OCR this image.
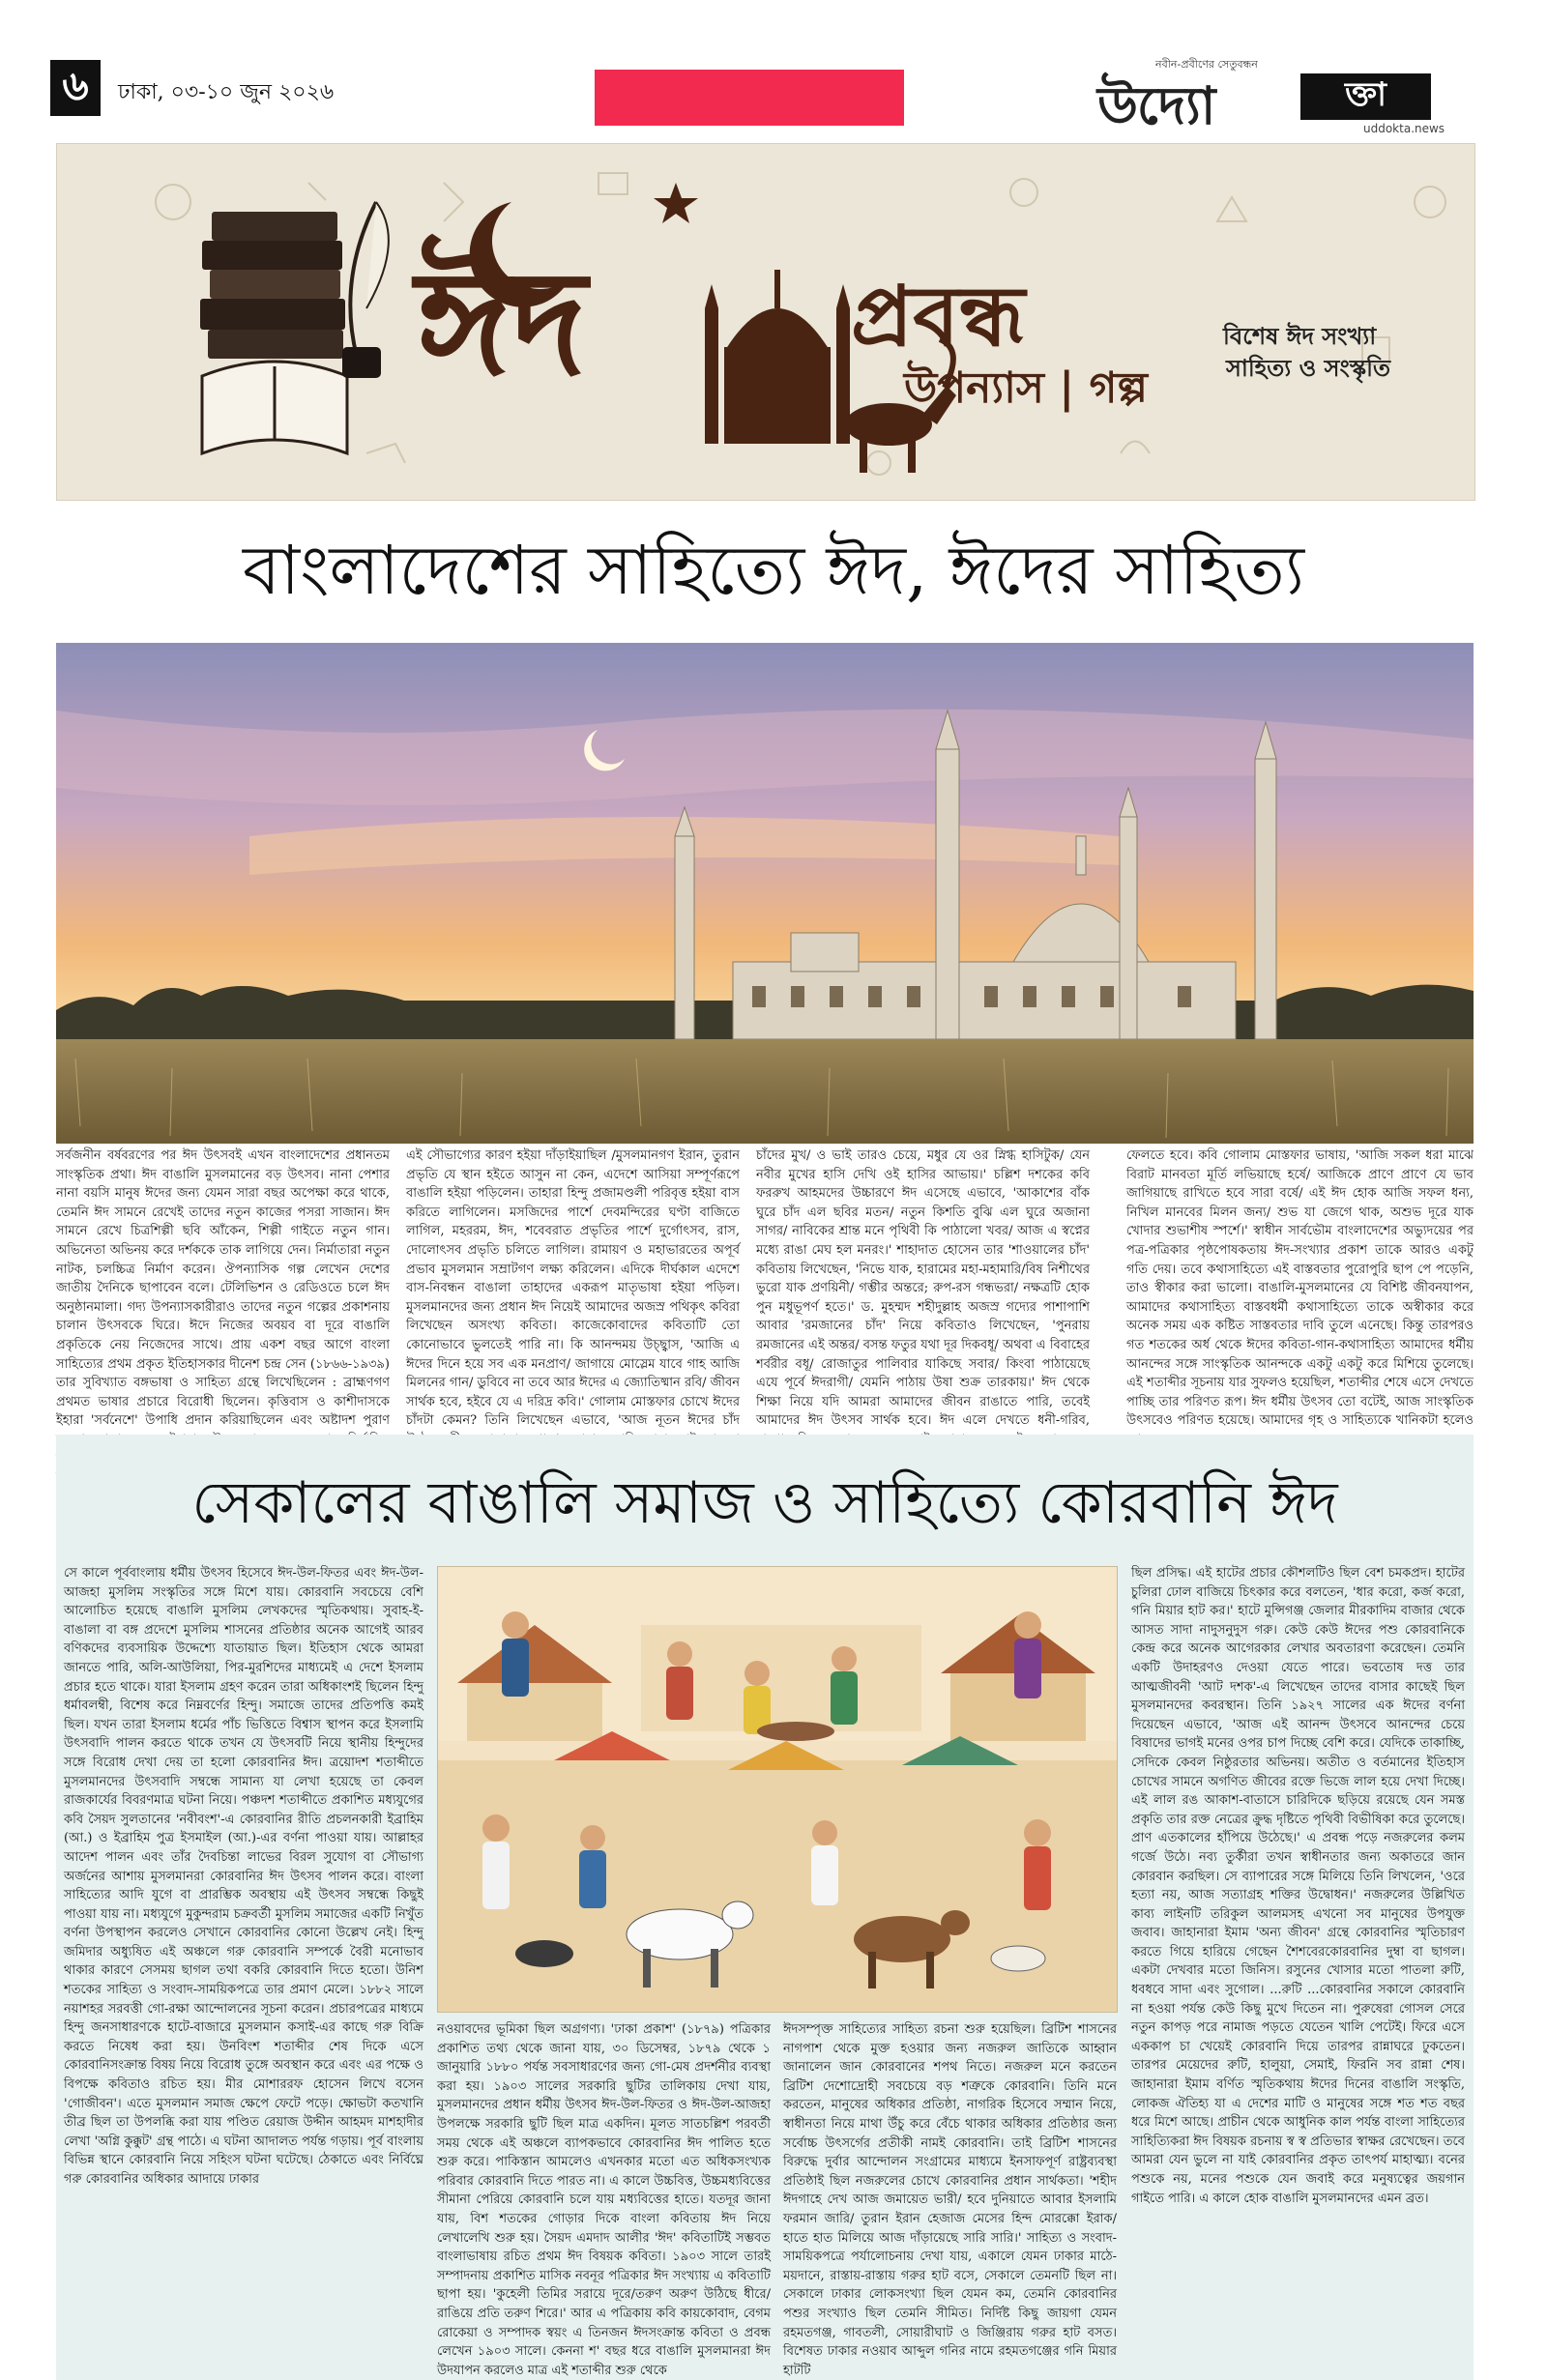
৬	ঢাকা, ০৩-১০ জুন ২০২৬
নবীন-প্রবীণের সেতুবন্ধন
উদ্যো	ক্তা
uddokta.news
ঈদ	প্রবন্ধ
উপন্যাস | গল্প
বিশেষ ঈদ সংখ্যা
সাহিত্য ও সংস্কৃতি
বাংলাদেশের সাহিত্যে ঈদ, ঈদের সাহিত্য
সর্বজনীন বর্ষবরণের পর ঈদ উৎসবই এখন বাংলাদেশের প্রধানতম সাংস্কৃতিক প্রথা। ঈদ বাঙালি মুসলমানের বড় উৎসব। নানা পেশার নানা বয়সি মানুষ ঈদের জন্য যেমন সারা বছর অপেক্ষা করে থাকে, তেমনি ঈদ সামনে রেখেই তাদের নতুন কাজের পসরা সাজান। ঈদ সামনে রেখে চিত্রশিল্পী ছবি আঁকেন, শিল্পী গাইতে নতুন গান। অভিনেতা অভিনয় করে দর্শককে তাক লাগিয়ে দেন। নির্মাতারা নতুন নাটক, চলচ্চিত্র নির্মাণ করেন। ঔপন্যাসিক গল্প লেখেন দেশের জাতীয় দৈনিকে ছাপাবেন বলে। টেলিভিশন ও রেডিওতে চলে ঈদ অনুষ্ঠানমালা। গদ্য উপন্যাসকারীরাও তাদের নতুন গল্পের প্রকাশনায় চালান উৎসবকে ঘিরে। ঈদে নিজের অবয়ব বা দূরে বাঙালি প্রকৃতিকে নেয় নিজেদের সাথে। প্রায় একশ বছর আগে বাংলা সাহিত্যের প্রথম প্রকৃত ইতিহাসকার দীনেশ চন্দ্র সেন (১৮৬৬-১৯৩৯) তার সুবিখ্যাত বঙ্গভাষা ও সাহিত্য গ্রন্থে লিখেছিলেন : ব্রাহ্মণগণ প্রথমত ভাষার প্রচারে বিরোধী ছিলেন। কৃত্তিবাস ও কাশীদাসকে ইহারা 'সর্বনেশে' উপাধি প্রদান করিয়াছিলেন এবং অষ্টাদশ পুরাণ
এই সৌভাগ্যের কারণ হইয়া দাঁড়াইয়াছিল /মুসলমানগণ ইরান, তুরান প্রভৃতি যে স্থান হইতে আসুন না কেন, এদেশে আসিয়া সম্পূর্ণরূপে বাঙালি হইয়া পড়িলেন। তাহারা হিন্দু প্রজামণ্ডলী পরিবৃত্ত হইয়া বাস করিতে লাগিলেন। মসজিদের পার্শে দেবমন্দিরের ঘণ্টা বাজিতে লাগিল, মহররম, ঈদ, শবেবরাত প্রভৃতির পার্শে দুর্গোৎসব, রাস, দোলোৎসব প্রভৃতি চলিতে লাগিল। রামায়ণ ও মহাভারতের অপূর্ব প্রভাব মুসলমান সম্রাটগণ লক্ষ্য করিলেন। এদিকে দীর্ঘকাল এদেশে বাস-নিবন্ধন বাঙালা তাহাদের একরূপ মাতৃভাষা হইয়া পড়িল। মুসলমানদের জন্য প্রধান ঈদ নিয়েই আমাদের অজস্র পথিকৃৎ কবিরা লিখেছেন অসংখ্য কবিতা। কাজেকোবাদের কবিতাটি তো কোনোভাবে ভুলতেই পারি না। কি আনন্দময় উচ্ছ্বাস, 'আজি এ ঈদের দিনে হয়ে সব এক মনপ্রাণ/ জাগায়ে মোস্লেম যাবে গাহ আজি মিলনের গান/ ডুবিবে না তবে আর ঈদের এ জ্যোতিষ্মান রবি/ জীবন সার্থক হবে, হইবে যে এ দরিদ্র কবি।' গোলাম মোস্তফার চোখে ঈদের চাঁদটা কেমন? তিনি লিখেছেন এভাবে, 'আজ নূতন ঈদের চাঁদ
চাঁদের মুখ/ ও ভাই তারও চেয়ে, মধুর যে ওর স্নিগ্ধ হাসিটুক/ যেন নবীর মুখের হাসি দেখি ওই হাসির আভায়।' চল্লিশ দশকের কবি ফররুখ আহমদের উচ্চারণে ঈদ এসেছে এভাবে, 'আকাশের বাঁক ঘুরে চাঁদ এল ছবির মতন/ নতুন কিশতি বুঝি এল ঘুরে অজানা সাগর/ নাবিকের শ্রান্ত মনে পৃথিবী কি পাঠালো খবর/ আজ এ স্বপ্নের মধ্যে রাঙা মেঘ হল মনরং।' শাহাদাত হোসেন তার 'শাওয়ালের চাঁদ' কবিতায় লিখেছেন, 'নিভে যাক, হারামের মহা-মহামারি/বিষ নিশীথের ভুরো যাক প্রণয়িনী/ গম্ভীর অন্তরে; রুপ-রস গন্ধভরা/ নক্ষত্রটি হোক পুন মধুভূপর্ণ হতে।' ড. মুহম্মদ শহীদুল্লাহ অজস্র গদ্যের পাশাপাশি আবার 'রমজানের চাঁদ' নিয়ে কবিতাও লিখেছেন, 'পুনরায় রমজানের এই অন্তর/ বসন্ত ফতুর যথা দূর দিকবধূ/ অথবা এ বিবাহের শর্বরীর বধূ/ রোজাতুর পালিবার যাকিছে সবার/ কিংবা পাঠায়েছে এযে পূর্বে ঈদরাগী/ যেমনি পাঠায় উষা শুক্র তারকায়।' ঈদ থেকে শিক্ষা নিয়ে যদি আমরা আমাদের জীবন রাঙাতে পারি, তবেই আমাদের ঈদ উৎসব সার্থক হবে। ঈদ এলে দেখতে ধনী-গরিব,
ফেলতে হবে। কবি গোলাম মোস্তফার ভাষায়, 'আজি সকল ধরা মাঝে বিরাট মানবতা মূর্তি লভিয়াছে হর্ষে/ আজিকে প্রাণে প্রাণে যে ভাব জাগিয়াছে রাখিতে হবে সারা বর্ষে/ এই ঈদ হোক আজি সফল ধন্য, নিখিল মানবের মিলন জন্য/ শুভ যা জেগে থাক, অশুভ দূরে যাক খোদার শুভাশীষ স্পর্শে।' স্বাধীন সার্বভৌম বাংলাদেশের অভ্যুদয়ের পর পত্র-পত্রিকার পৃষ্ঠপোষকতায় ঈদ-সংখ্যার প্রকাশ তাকে আরও একটু গতি দেয়। তবে কথাসাহিত্যে এই বাস্তবতার পুরোপুরি ছাপ পে পড়েনি, তাও স্বীকার করা ভালো। বাঙালি-মুসলমানের যে বিশিষ্ট জীবনযাপন, আমাদের কথাসাহিত্য বাস্তবধর্মী কথাসাহিত্যে তাকে অস্বীকার করে অনেক সময় এক কষ্টিত সাস্তবতার দাবি তুলে এনেছে। কিন্তু তারপরও গত শতকের অর্ধ থেকে ঈদের কবিতা-গান-কথাসাহিত্য আমাদের ধর্মীয় আনন্দের সঙ্গে সাংস্কৃতিক আনন্দকে একটু একটু করে মিশিয়ে তুলেছে। এই শতাব্দীর সূচনায় যার সুফলও হয়েছিল, শতাব্দীর শেষে এসে দেখতে পাচ্ছি তার পরিণত রূপ। ঈদ ধর্মীয় উৎসব তো বটেই, আজ সাংস্কৃতিক উৎসবেও পরিণত হয়েছে। আমাদের গৃহ ও সাহিত্যকে খানিকটা হলেও
সেকালের বাঙালি সমাজ ও সাহিত্যে কোরবানি ঈদ
সে কালে পূর্ববাংলায় ধর্মীয় উৎসব হিসেবে ঈদ-উল-ফিতর এবং ঈদ-উল-আজহা মুসলিম সংস্কৃতির সঙ্গে মিশে যায়। কোরবানি সবচেয়ে বেশি আলোচিত হয়েছে বাঙালি মুসলিম লেখকদের স্মৃতিকথায়। সুবাহ-ই-বাঙালা বা বঙ্গ প্রদেশে মুসলিম শাসনের প্রতিষ্ঠার অনেক আগেই আরব বণিকদের ব্যবসায়িক উদ্দেশ্যে যাতায়াত ছিল। ইতিহাস থেকে আমরা জানতে পারি, অলি-আউলিয়া, পির-মুরশিদের মাধ্যমেই এ দেশে ইসলাম প্রচার হতে থাকে। যারা ইসলাম গ্রহণ করেন তারা অধিকাংশই ছিলেন হিন্দু ধর্মাবলম্বী, বিশেষ করে নিম্নবর্ণের হিন্দু। সমাজে তাদের প্রতিপত্তি কমই ছিল। যখন তারা ইসলাম ধর্মের পাঁচ ভিত্তিতে বিশ্বাস স্থাপন করে ইসলামি উৎসবাদি পালন করতে থাকে তখন যে উৎসবটি নিয়ে স্থানীয় হিন্দুদের সঙ্গে বিরোধ দেখা দেয় তা হলো কোরবানির ঈদ। ত্রয়োদশ শতাব্দীতে মুসলমানদের উৎসবাদি সম্বন্ধে সামান্য যা লেখা হয়েছে তা কেবল রাজকার্যের বিবরণমাত্র ঘটনা নিয়ে। পঞ্চদশ শতাব্দীতে প্রকাশিত মধ্যযুগের কবি সৈয়দ সুলতানের 'নবীবংশ'-এ কোরবানির রীতি প্রচলনকারী ইব্রাহিম (আ.) ও ইব্রাহিম পুত্র ইসমাইল (আ.)-এর বর্ণনা পাওয়া যায়। আল্লাহর আদেশ পালন এবং তাঁর দৈবচিন্তা লাভের বিরল সুযোগ বা সৌভাগ্য অর্জনের আশায় মুসলমানরা কোরবানির ঈদ উৎসব পালন করে। বাংলা সাহিত্যের আদি যুগে বা প্রারম্ভিক অবস্থায় এই উৎসব সম্বন্ধে কিছুই পাওয়া যায় না। মধ্যযুগে মুকুন্দরাম চক্রবর্তী মুসলিম সমাজের একটি নিখুঁত বর্ণনা উপস্থাপন করলেও সেখানে কোরবানির কোনো উল্লেখ নেই। হিন্দু জমিদার অধ্যুষিত এই অঞ্চলে গরু কোরবানি সম্পর্কে বৈরী মনোভাব থাকার কারণে সেসময় ছাগল তথা বকরি কোরবানি দিতে হতো। উনিশ শতকের সাহিত্য ও সংবাদ-সাময়িকপত্রে তার প্রমাণ মেলে। ১৮৮২ সালে নয়াশহর সরবত্তী গো-রক্ষা আন্দোলনের সূচনা করেন। প্রচারপত্রের মাধ্যমে হিন্দু জনসাধারণকে হাটে-বাজারে মুসলমান কসাই-এর কাছে গরু বিক্রি করতে নিষেধ করা হয়। উনবিংশ শতাব্দীর শেষ দিকে এসে কোরবানিসংক্রান্ত বিষয় নিয়ে বিরোধ তুঙ্গে অবস্থান করে এবং এর পক্ষে ও বিপক্ষে কবিতাও রচিত হয়। মীর মোশাররফ হোসেন লিখে বসেন 'গোজীবন'। এতে মুসলমান সমাজ ক্ষেপে ফেটে পড়ে। ক্ষোভটা কতখানি তীব্র ছিল তা উপলব্ধি করা যায় পণ্ডিত রেয়াজ উদ্দীন আহমদ মাশহাদীর লেখা 'অগ্নি কুক্কুট' গ্রন্থ পাঠে। এ ঘটনা আদালত পর্যন্ত গড়ায়। পূর্ব বাংলায় বিভিন্ন স্থানে কোরবানি নিয়ে সহিংস ঘটনা ঘটেছে। ঠেকাতে এবং নির্বিঘ্নে গরু কোরবানির অধিকার আদায়ে ঢাকার
নওয়াবদের ভূমিকা ছিল অগ্রগণ্য। 'ঢাকা প্রকাশ' (১৮৭৯) পত্রিকার প্রকাশিত তথ্য থেকে জানা যায়, ৩০ ডিসেম্বর, ১৮৭৯ থেকে ১ জানুয়ারি ১৮৮০ পর্যন্ত সবসাধারণের জন্য গো-মেষ প্রদর্শনীর ব্যবস্থা করা হয়। ১৯০৩ সালের সরকারি ছুটির তালিকায় দেখা যায়, মুসলমানদের প্রধান ধর্মীয় উৎসব ঈদ-উল-ফিতর ও ঈদ-উল-আজহা উপলক্ষে সরকারি ছুটি ছিল মাত্র একদিন। মূলত সাতচল্লিশ পরবর্তী সময় থেকে এই অঞ্চলে ব্যাপকভাবে কোরবানির ঈদ পালিত হতে শুরু করে। পাকিস্তান আমলেও এখনকার মতো এত অধিকসংখ্যক পরিবার কোরবানি দিতে পারত না। এ কালে উচ্চবিত্ত, উচ্চমধ্যবিত্তের সীমানা পেরিয়ে কোরবানি চলে যায় মধ্যবিত্তের হাতে। যতদূর জানা যায়, বিশ শতকের গোড়ার দিকে বাংলা কবিতায় ঈদ নিয়ে লেখালেখি শুরু হয়। সৈয়দ এমদাদ আলীর 'ঈদ' কবিতাটিই সম্ভবত বাংলাভাষায় রচিত প্রথম ঈদ বিষয়ক কবিতা। ১৯০৩ সালে তারই সম্পাদনায় প্রকাশিত মাসিক নবনূর পত্রিকার ঈদ সংখ্যায় এ কবিতাটি ছাপা হয়। 'কুহেলী তিমির সরায়ে দূরে/তরুণ অরুণ উঠিছে ধীরে/রাঙিয়ে প্রতি তরুণ শিরে।' আর এ পত্রিকায় কবি কায়কোবাদ, বেগম রোকেয়া ও সম্পাদক স্বয়ং এ তিনজন ঈদসংক্রান্ত কবিতা ও প্রবন্ধ লেখেন ১৯০৩ সালে। কেননা শ' বছর ধরে বাঙালি মুসলমানরা ঈদ উদযাপন করলেও মাত্র এই শতাব্দীর শুরু থেকে
ঈদসম্পৃক্ত সাহিত্যের সাহিত্য রচনা শুরু হয়েছিল। ব্রিটিশ শাসনের নাগপাশ থেকে মুক্ত হওয়ার জন্য নজরুল জাতিকে আহ্বান জানালেন জান কোরবানের শপথ নিতে। নজরুল মনে করতেন ব্রিটিশ দেশোদ্রোহী সবচেয়ে বড় শত্রুকে কোরবানি। তিনি মনে করতেন, মানুষের অধিকার প্রতিষ্ঠা, নাগরিক হিসেবে সম্মান নিয়ে, স্বাধীনতা নিয়ে মাথা উঁচু করে বেঁচে থাকার অধিকার প্রতিষ্ঠার জন্য সর্বোচ্চ উৎসর্গের প্রতীকী নামই কোরবানি। তাই ব্রিটিশ শাসনের বিরুদ্ধে দুর্বার আন্দোলন সংগ্রামের মাধ্যমে ইনসাফপূর্ণ রাষ্ট্রব্যবস্থা প্রতিষ্ঠাই ছিল নজরুলের চোখে কোরবানির প্রধান সার্থকতা। 'শহীদ ঈদগাহে দেখ আজ জমায়েত ভারী/ হবে দুনিয়াতে আবার ইসলামি ফরমান জারি/ তুরান ইরান হেজাজ মেসের হিন্দ মোরক্কো ইরাক/ হাতে হাত মিলিয়ে আজ দাঁড়ায়েছে সারি সারি।' সাহিত্য ও সংবাদ-সাময়িকপত্রে পর্যালোচনায় দেখা যায়, একালে যেমন ঢাকার মাঠে-ময়দানে, রাস্তায়-রাস্তায় গরুর হাট বসে, সেকালে তেমনটি ছিল না। সেকালে ঢাকার লোকসংখ্যা ছিল যেমন কম, তেমনি কোরবানির পশুর সংখ্যাও ছিল তেমনি সীমিত। নির্দিষ্ট কিছু জায়গা যেমন রহমতগঞ্জ, গাবতলী, সোয়ারীঘাট ও জিঞ্জিরায় গরুর হাট বসত। বিশেষত ঢাকার নওয়াব আব্দুল গনির নামে রহমতগঞ্জের গনি মিয়ার হাটটি
ছিল প্রসিদ্ধ। এই হাটের প্রচার কৌশলটিও ছিল বেশ চমকপ্রদ। হাটের চুলিরা ঢোল বাজিয়ে চিৎকার করে বলতেন, 'ধার করো, কর্জ করো, গনি মিয়ার হাট কর।' হাটে মুন্সিগঞ্জ জেলার মীরকাদিম বাজার থেকে আসত সাদা নাদুসনুদুস গরু। কেউ কেউ ঈদের পশু কোরবানিকে কেন্দ্র করে অনেক আগেরকার লেখার অবতারণা করেছেন। তেমনি একটি উদাহরণও দেওয়া যেতে পারে। ভবতোষ দত্ত তার আত্মজীবনী 'আট দশক'-এ লিখেছেন তাদের বাসার কাছেই ছিল মুসলমানদের কবরস্থান। তিনি ১৯২৭ সালের এক ঈদের বর্ণনা দিয়েছেন এভাবে, 'আজ এই আনন্দ উৎসবে আনন্দের চেয়ে বিষাদের ভাগই মনের ওপর চাপ দিচ্ছে বেশি করে। যেদিকে তাকাচ্ছি, সেদিকে কেবল নিষ্ঠুরতার অভিনয়। অতীত ও বর্তমানের ইতিহাস চোখের সামনে অগণিত জীবের রক্তে ভিজে লাল হয়ে দেখা দিচ্ছে। এই লাল রঙ আকাশ-বাতাসে চারিদিকে ছড়িয়ে রয়েছে যেন সমস্ত প্রকৃতি তার রক্ত নেত্রের ক্রুদ্ধ দৃষ্টিতে পৃথিবী বিভীষিকা করে তুলেছে। প্রাণ এতকালের হাঁপিয়ে উঠেছে।' এ প্রবন্ধ পড়ে নজরুলের কলম গর্জে উঠে। নব্য তুর্কীরা তখন স্বাধীনতার জন্য অকাতরে জান কোরবান করছিল। সে ব্যাপারের সঙ্গে মিলিয়ে তিনি লিখলেন, 'ওরে হত্যা নয়, আজ সত্যাগ্রহ শক্তির উদ্বোধন।' নজরুলের উল্লিখিত কাব্য লাইনটি তরিকুল আলমসহ এখনো সব মানুষের উপযুক্ত জবাব। জাহানারা ইমাম 'অন্য জীবন' গ্রন্থে কোরবানির স্মৃতিচারণ করতে গিয়ে হারিয়ে গেছেন শৈশবেরকোরবানির দুম্বা বা ছাগল। একটা দেখবার মতো জিনিস। রসুনের খোসার মতো পাতলা রুটি, ধবধবে সাদা এবং সুগোল। ...রুটি ...কোরবানির সকালে কোরবানি না হওয়া পর্যন্ত কেউ কিছু মুখে দিতেন না। পুরুষেরা গোসল সেরে নতুন কাপড় পরে নামাজ পড়তে যেতেন খালি পেটেই। ফিরে এসে এককাপ চা খেয়েই কোরবানি দিয়ে তারপর রান্নাঘরে ঢুকতেন। তারপর মেয়েদের রুটি, হালুয়া, সেমাই, ফিরনি সব রান্না শেষ। জাহানারা ইমাম বর্ণিত স্মৃতিকথায় ঈদের দিনের বাঙালি সংস্কৃতি, লোকজ ঐতিহ্য যা এ দেশের মাটি ও মানুষের সঙ্গে শত শত বছর ধরে মিশে আছে। প্রাচীন থেকে আধুনিক কাল পর্যন্ত বাংলা সাহিত্যের সাহিত্যিকরা ঈদ বিষয়ক রচনায় স্ব স্ব প্রতিভার স্বাক্ষর রেখেছেন। তবে আমরা যেন ভুলে না যাই কোরবানির প্রকৃত তাৎপর্য মাহাত্ম্য। বনের পশুকে নয়, মনের পশুকে যেন জবাই করে মনুষ্যত্বের জয়গান গাইতে পারি। এ কালে হোক বাঙালি মুসলমানদের এমন ব্রত।
